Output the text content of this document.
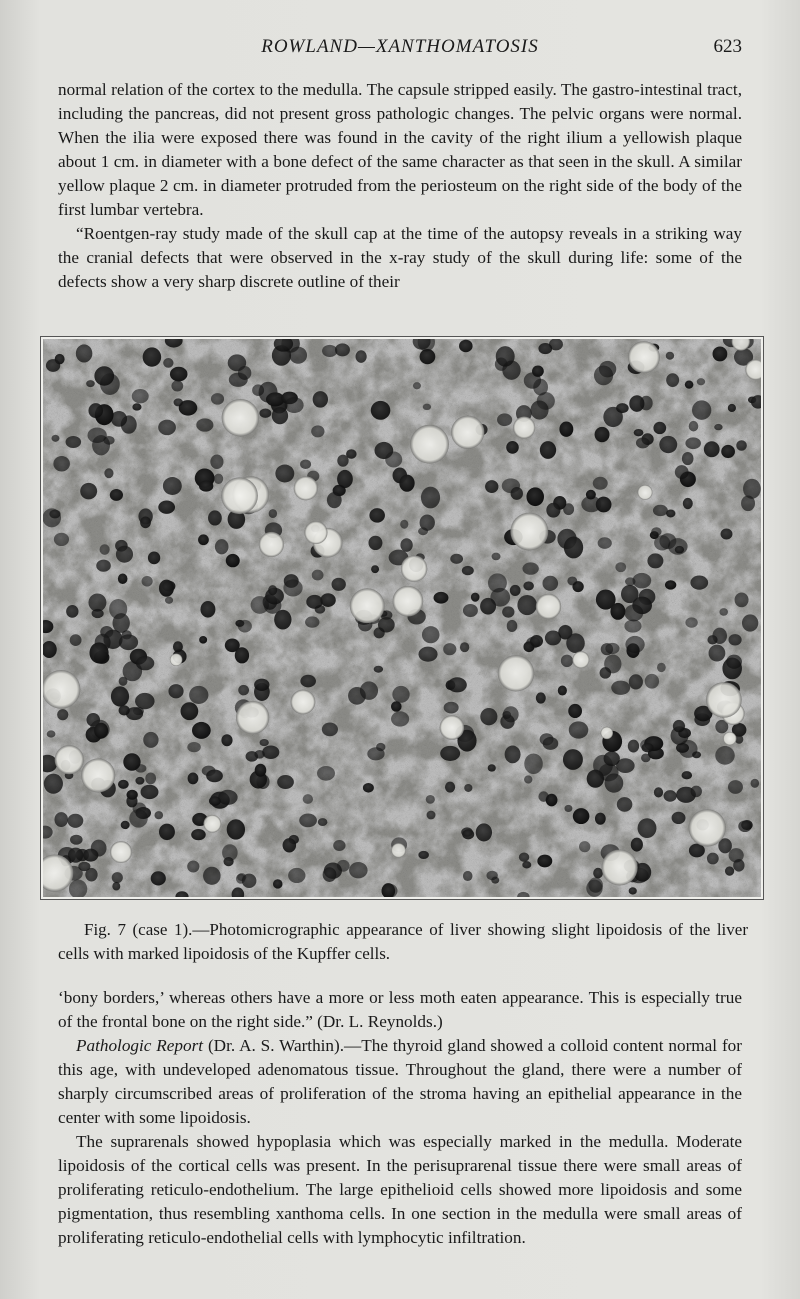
ROWLAND—XANTHOMATOSIS	623

normal relation of the cortex to the medulla. The capsule stripped easily. The gastro-intestinal tract, including the pancreas, did not present gross pathologic changes. The pelvic organs were normal. When the ilia were exposed there was found in the cavity of the right ilium a yellowish plaque about 1 cm. in diameter with a bone defect of the same character as that seen in the skull. A similar yellow plaque 2 cm. in diameter protruded from the periosteum on the right side of the body of the first lumbar vertebra.

“Roentgen-ray study made of the skull cap at the time of the autopsy reveals in a striking way the cranial defects that were observed in the x-ray study of the skull during life: some of the defects show a very sharp discrete outline of their

Fig. 7 (case 1).—Photomicrographic appearance of liver showing slight lipoidosis of the liver cells with marked lipoidosis of the Kupffer cells.

‘bony borders,’ whereas others have a more or less moth eaten appearance. This is especially true of the frontal bone on the right side.” (Dr. L. Reynolds.)

Pathologic Report (Dr. A. S. Warthin).—The thyroid gland showed a colloid content normal for this age, with undeveloped adenomatous tissue. Throughout the gland, there were a number of sharply circumscribed areas of proliferation of the stroma having an epithelial appearance in the center with some lipoidosis.

The suprarenals showed hypoplasia which was especially marked in the medulla. Moderate lipoidosis of the cortical cells was present. In the perisuprarenal tissue there were small areas of proliferating reticulo-endothelium. The large epithelioid cells showed more lipoidosis and some pigmentation, thus resembling xanthoma cells. In one section in the medulla were small areas of proliferating reticulo-endothelial cells with lymphocytic infiltration.
